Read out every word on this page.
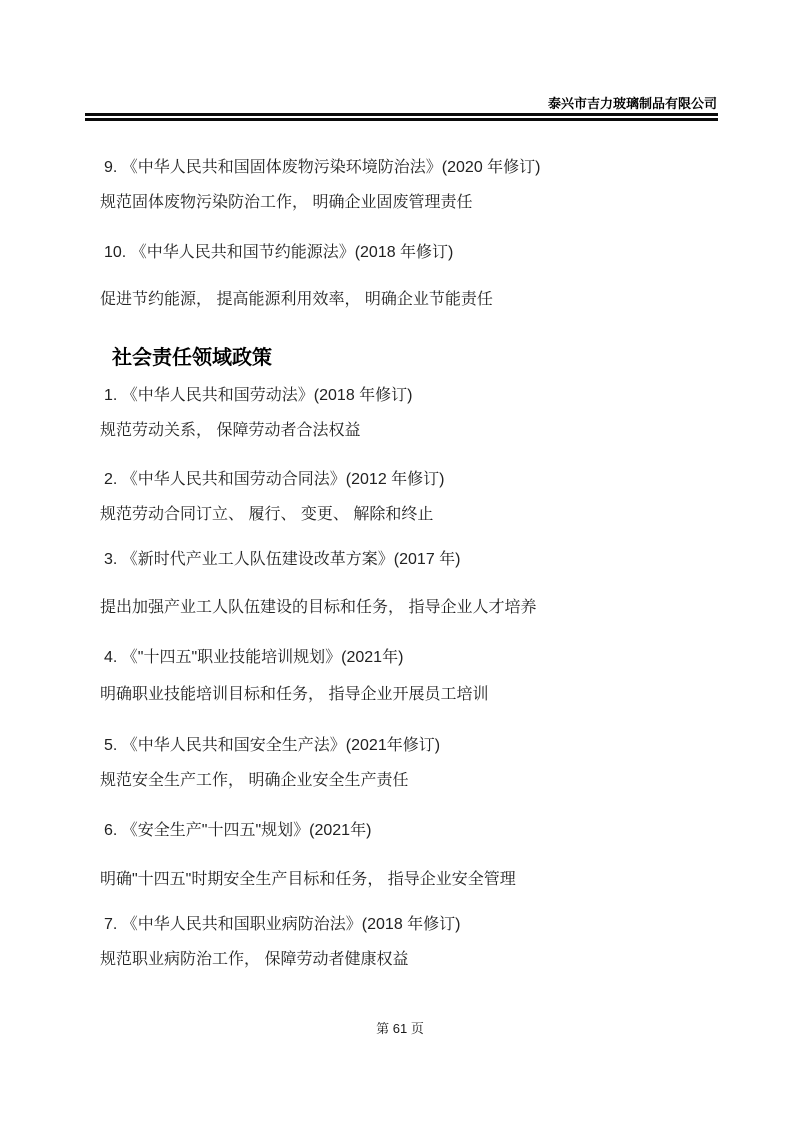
泰兴市吉力玻璃制品有限公司
9. 《中华人民共和国固体废物污染环境防治法》(2020 年修订)
规范固体废物污染防治工作， 明确企业固废管理责任
10. 《中华人民共和国节约能源法》(2018 年修订)
促进节约能源， 提高能源利用效率， 明确企业节能责任
社会责任领域政策
1. 《中华人民共和国劳动法》(2018 年修订)
规范劳动关系， 保障劳动者合法权益
2. 《中华人民共和国劳动合同法》(2012 年修订)
规范劳动合同订立、 履行、 变更、 解除和终止
3. 《新时代产业工人队伍建设改革方案》(2017 年)
提出加强产业工人队伍建设的目标和任务， 指导企业人才培养
4. 《"十四五"职业技能培训规划》(2021年)
明确职业技能培训目标和任务， 指导企业开展员工培训
5. 《中华人民共和国安全生产法》(2021年修订)
规范安全生产工作， 明确企业安全生产责任
6. 《安全生产"十四五"规划》(2021年)
明确"十四五"时期安全生产目标和任务， 指导企业安全管理
7. 《中华人民共和国职业病防治法》(2018 年修订)
规范职业病防治工作， 保障劳动者健康权益
第 61 页
